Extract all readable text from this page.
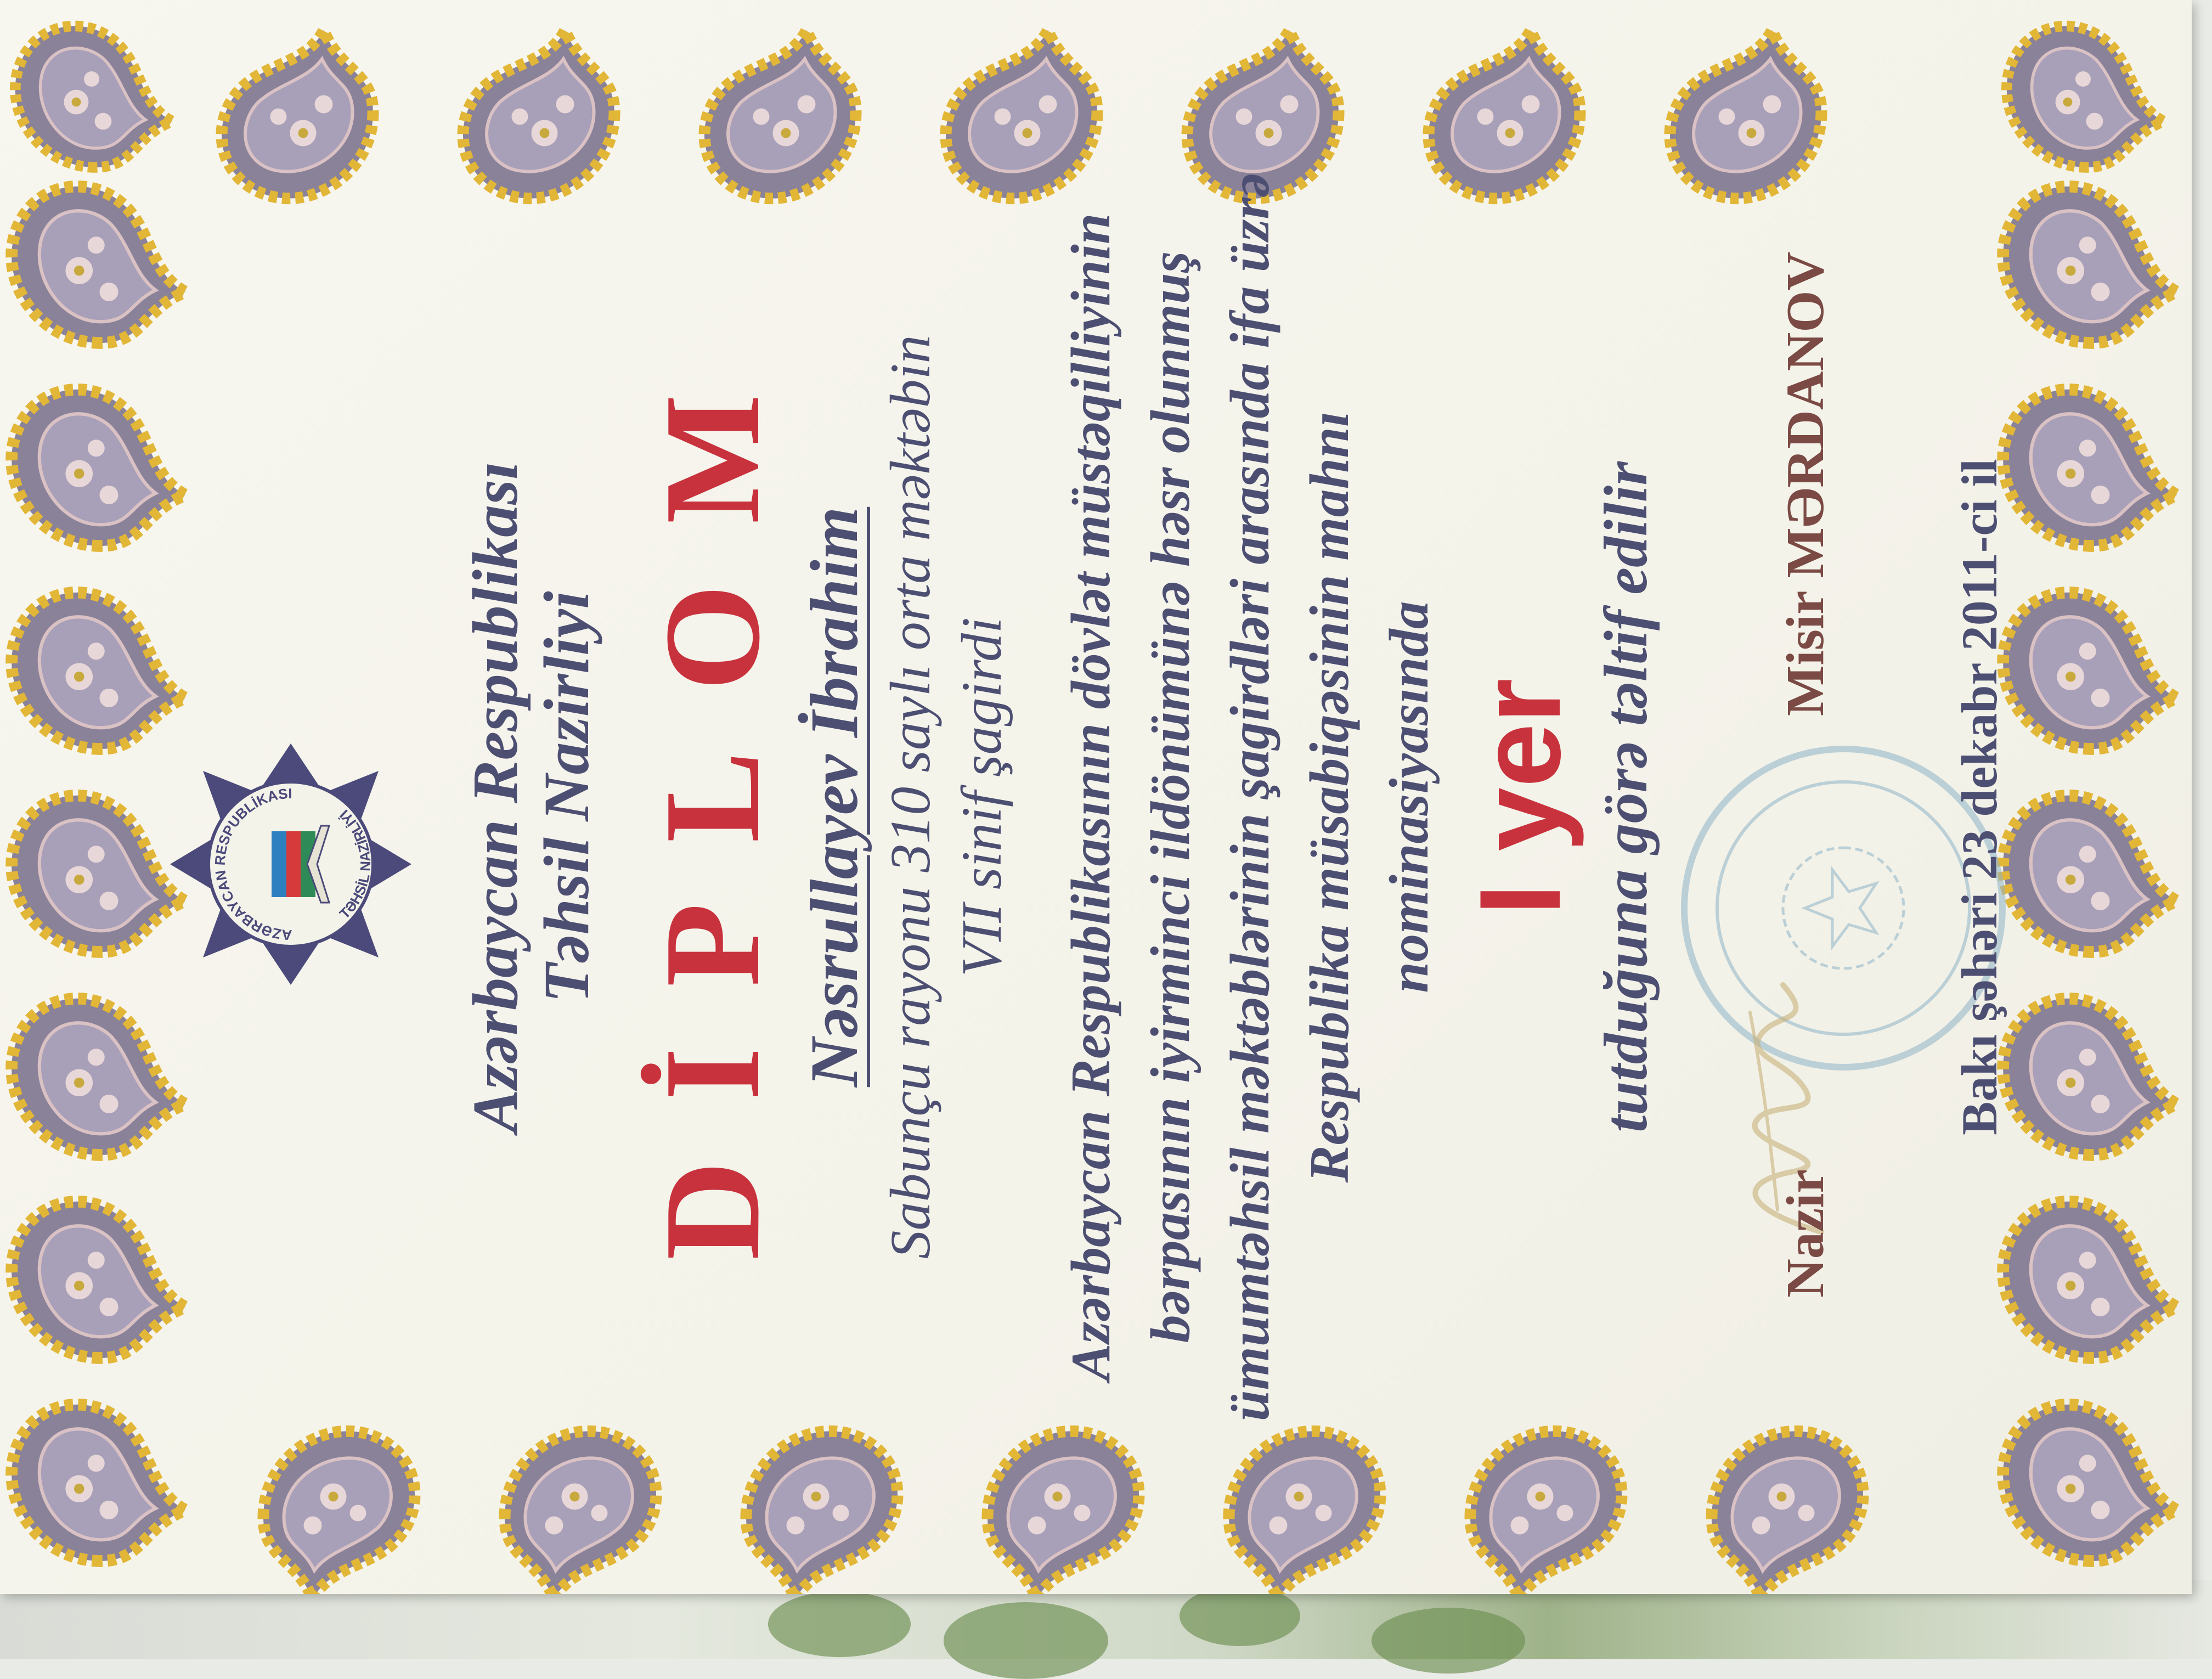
AZƏRBAYCAN RESPUBLİKASI
TƏHSİL NAZİRLİYİ	Azərbaycan Respublikası Təhsil Nazirliyi DİPLOM Nəsrullayev İbrahim Sabunçu rayonu 310 saylı orta məktəbin VII sinif şagirdi Azərbaycan Respublikasının dövlət müstəqilliyinin bərpasının iyirminci ildönümünə həsr olunmuş ümumtəhsil məktəblərinin şagirdləri arasında ifa üzrə Respublika müsabiqəsinin mahnı nominasiyasında I yer tutduğuna görə təltif edilir
Nazir
Misir MƏRDANOV Bakı şəhəri 23 dekabr 2011-ci il
